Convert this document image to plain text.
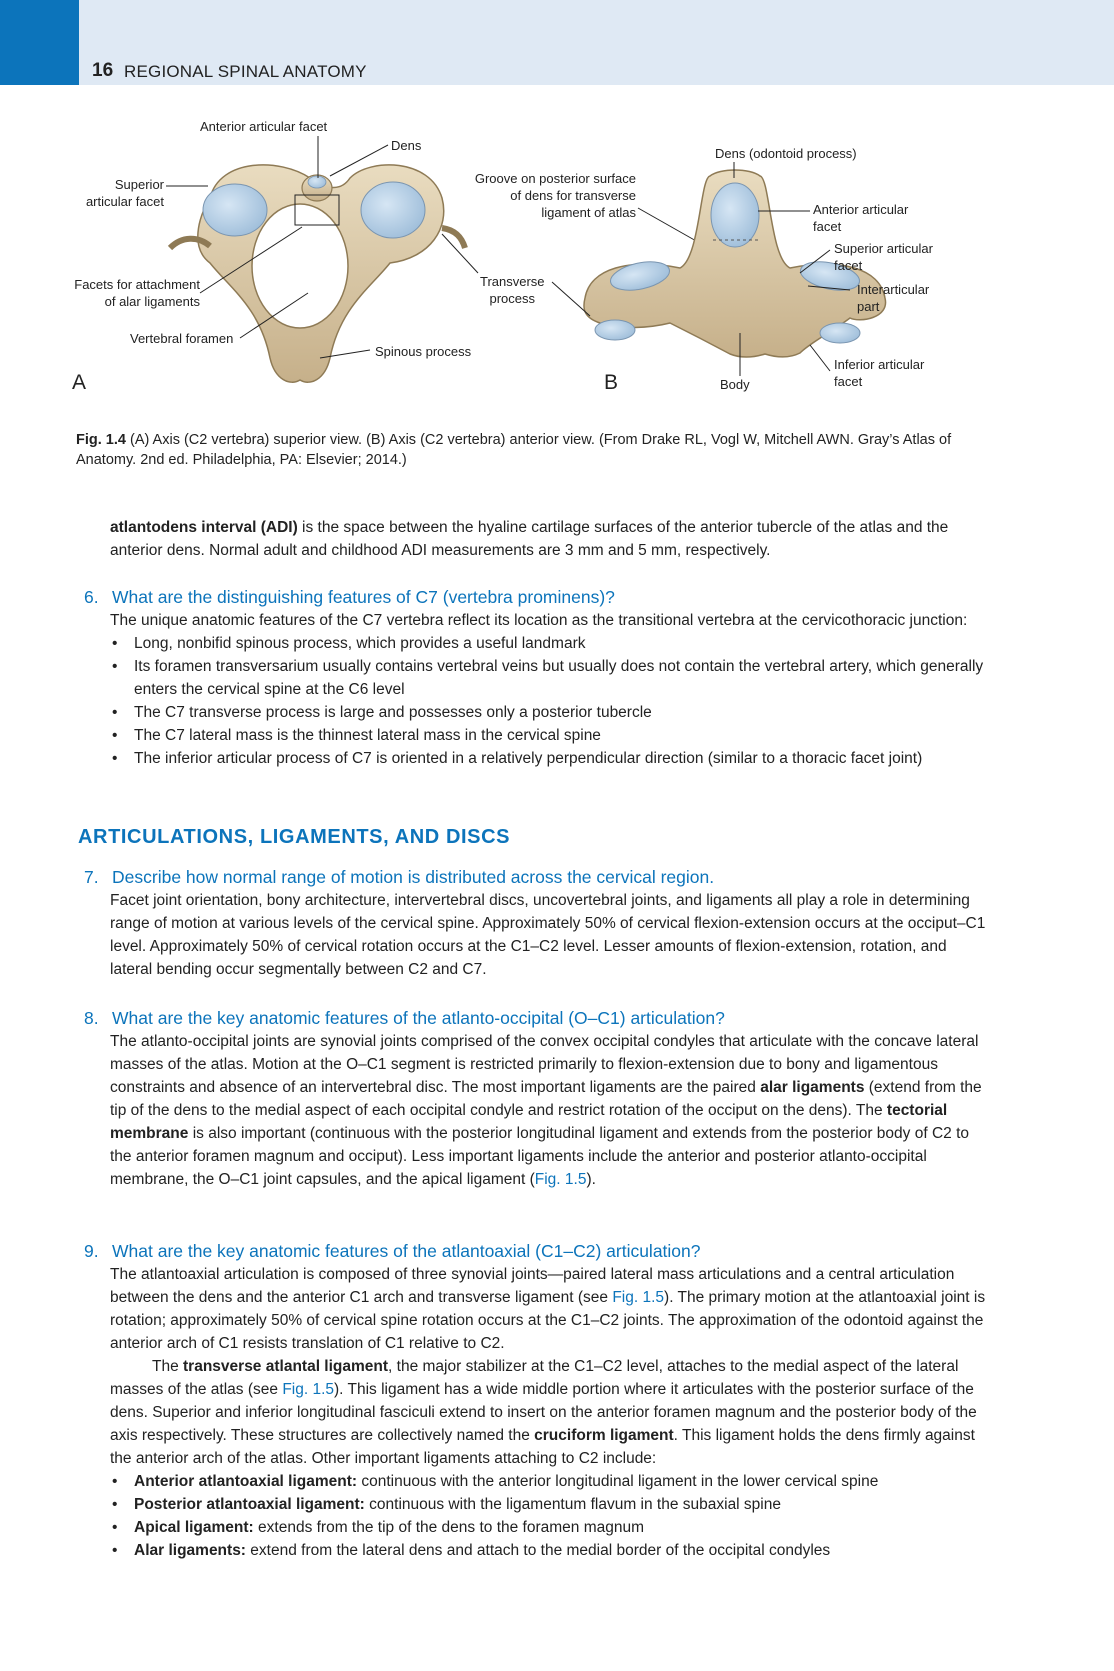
16 REGIONAL SPINAL ANATOMY
Anterior articular facet
Dens
Superior
articular facet
Facets for attachment
of alar ligaments
Vertebral foramen
Spinous process
Transverse
process
Groove on posterior surface
of dens for transverse
ligament of atlas
A
Dens (odontoid process)
Anterior articular
facet
Superior articular
facet
Interarticular
part
Inferior articular
facet
Body
B
Fig. 1.4 (A) Axis (C2 vertebra) superior view. (B) Axis (C2 vertebra) anterior view. (From Drake RL, Vogl W, Mitchell AWN. Gray’s Atlas of Anatomy. 2nd ed. Philadelphia, PA: Elsevier; 2014.)
atlantodens interval (ADI) is the space between the hyaline cartilage surfaces of the anterior tubercle of the atlas and the anterior dens. Normal adult and childhood ADI measurements are 3 mm and 5 mm, respectively.
6. What are the distinguishing features of C7 (vertebra prominens)?
The unique anatomic features of the C7 vertebra reflect its location as the transitional vertebra at the cervicothoracic junction:
• Long, nonbifid spinous process, which provides a useful landmark
• Its foramen transversarium usually contains vertebral veins but usually does not contain the vertebral artery, which generally enters the cervical spine at the C6 level
• The C7 transverse process is large and possesses only a posterior tubercle
• The C7 lateral mass is the thinnest lateral mass in the cervical spine
• The inferior articular process of C7 is oriented in a relatively perpendicular direction (similar to a thoracic facet joint)
ARTICULATIONS, LIGAMENTS, AND DISCS
7. Describe how normal range of motion is distributed across the cervical region.
Facet joint orientation, bony architecture, intervertebral discs, uncovertebral joints, and ligaments all play a role in determining range of motion at various levels of the cervical spine. Approximately 50% of cervical flexion-extension occurs at the occiput–C1 level. Approximately 50% of cervical rotation occurs at the C1–C2 level. Lesser amounts of flexion-extension, rotation, and lateral bending occur segmentally between C2 and C7.
8. What are the key anatomic features of the atlanto-occipital (O–C1) articulation?
The atlanto-occipital joints are synovial joints comprised of the convex occipital condyles that articulate with the concave lateral masses of the atlas. Motion at the O–C1 segment is restricted primarily to flexion-extension due to bony and ligamentous constraints and absence of an intervertebral disc. The most important ligaments are the paired alar ligaments (extend from the tip of the dens to the medial aspect of each occipital condyle and restrict rotation of the occiput on the dens). The tectorial membrane is also important (continuous with the posterior longitudinal ligament and extends from the posterior body of C2 to the anterior foramen magnum and occiput). Less important ligaments include the anterior and posterior atlanto-occipital membrane, the O–C1 joint capsules, and the apical ligament (Fig. 1.5).
9. What are the key anatomic features of the atlantoaxial (C1–C2) articulation?
The atlantoaxial articulation is composed of three synovial joints—paired lateral mass articulations and a central articulation between the dens and the anterior C1 arch and transverse ligament (see Fig. 1.5). The primary motion at the atlantoaxial joint is rotation; approximately 50% of cervical spine rotation occurs at the C1–C2 joints. The approximation of the odontoid against the anterior arch of C1 resists translation of C1 relative to C2.
The transverse atlantal ligament, the major stabilizer at the C1–C2 level, attaches to the medial aspect of the lateral masses of the atlas (see Fig. 1.5). This ligament has a wide middle portion where it articulates with the posterior surface of the dens. Superior and inferior longitudinal fasciculi extend to insert on the anterior foramen magnum and the posterior body of the axis respectively. These structures are collectively named the cruciform ligament. This ligament holds the dens firmly against the anterior arch of the atlas. Other important ligaments attaching to C2 include:
• Anterior atlantoaxial ligament: continuous with the anterior longitudinal ligament in the lower cervical spine
• Posterior atlantoaxial ligament: continuous with the ligamentum flavum in the subaxial spine
• Apical ligament: extends from the tip of the dens to the foramen magnum
• Alar ligaments: extend from the lateral dens and attach to the medial border of the occipital condyles
